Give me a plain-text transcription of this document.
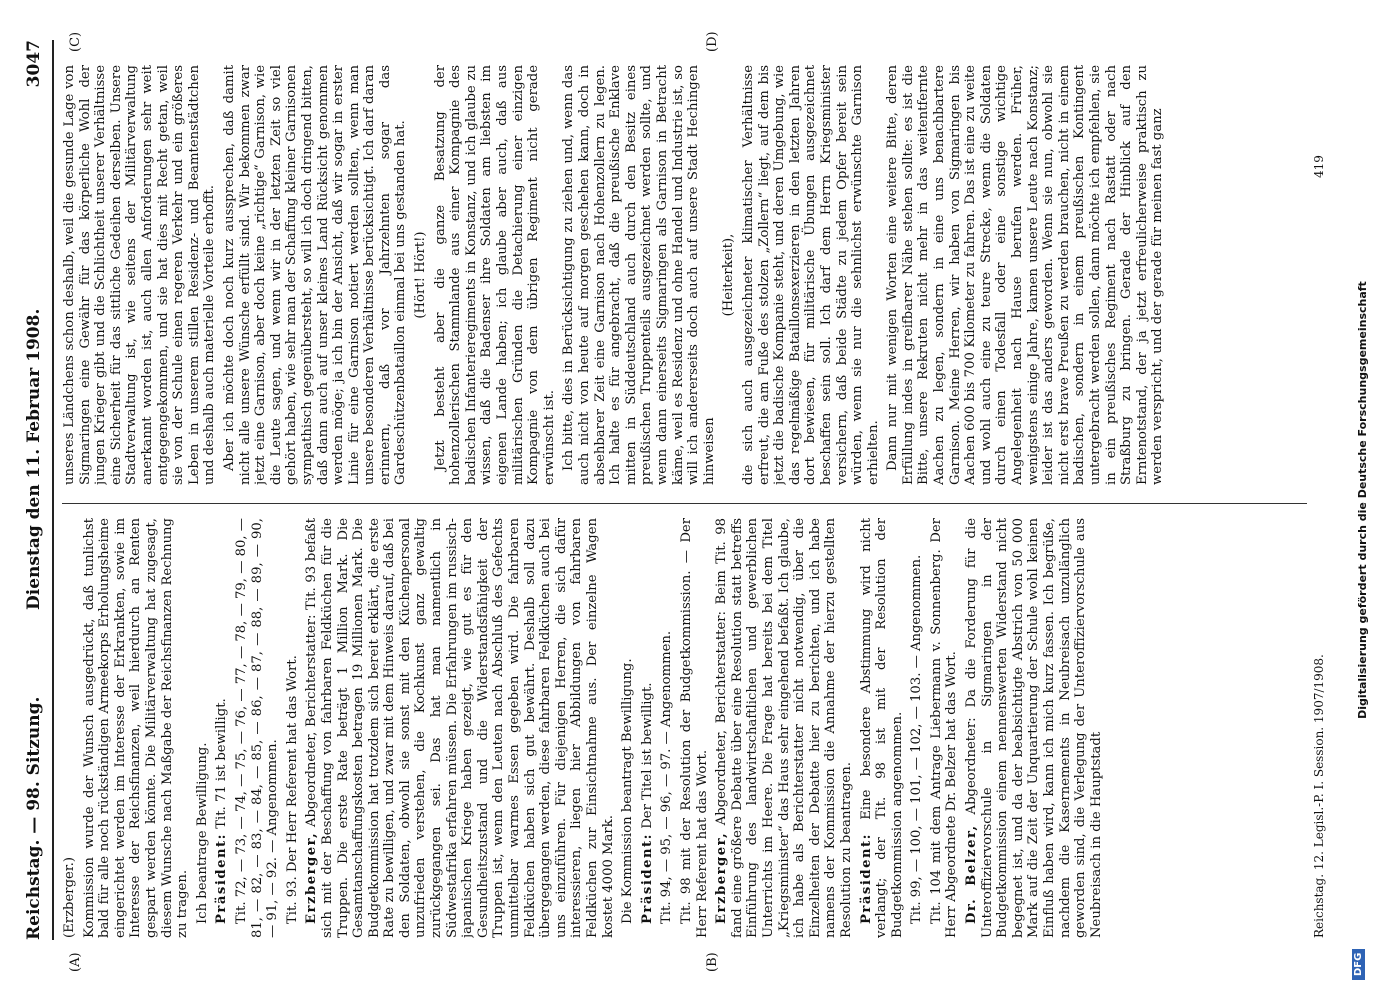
Reichstag. — 98. Sitzung.
Dienstag den 11. Februar 1908.
3047
(A)	(B)
(C)	(D)

(Erzberger.) Kommission wurde der Wunsch ausgedrückt, daß tunlichst bald für alle noch rückständigen Armeekorps Erholungsheime eingerichtet werden im Interesse der Erkrankten, sowie im Interesse der Reichsfinanzen, weil hierdurch an Renten gespart werden könnte. Die Militärverwaltung hat zugesagt, diesem Wunsche nach Maßgabe der Reichsfinanzen Rechnung zu tragen. Ich beantrage Bewilligung. Präsident: Tit. 71 ist bewilligt. Tit. 72, — 73, — 74, — 75, — 76, — 77, — 78, — 79, — 80, — 81, — 82, — 83, — 84, — 85, — 86, — 87, — 88, — 89, — 90, — 91, — 92. — Angenommen. Tit. 93. Der Herr Referent hat das Wort. Erzberger, Abgeordneter, Berichterstatter: Tit. 93 befaßt sich mit der Beschaffung von fahrbaren Feldküchen für die Truppen. Die erste Rate beträgt 1 Million Mark. Die Gesamtanschaffungskosten betragen 19 Millionen Mark. Die Budgetkommission hat trotzdem sich bereit erklärt, die erste Rate zu bewilligen, und zwar mit dem Hinweis darauf, daß bei den Soldaten, obwohl sie sonst mit den Küchenpersonal unzufrieden verstehen, die Kochkunst ganz gewaltig zurückgegangen sei. Das hat man namentlich in Südwestafrika erfahren müssen. Die Erfahrungen im russisch-japanischen Kriege haben gezeigt, wie gut es für den Gesundheitszustand und die Widerstandsfähigkeit der Truppen ist, wenn den Leuten nach Abschluß des Gefechts unmittelbar warmes Essen gegeben wird. Die fahrbaren Feldküchen haben sich gut bewährt. Deshalb soll dazu übergegangen werden, diese fahrbaren Feldküchen auch bei uns einzuführen. Für diejenigen Herren, die sich dafür interessieren, liegen hier Abbildungen von fahrbaren Feldküchen zur Einsichtnahme aus. Der einzelne Wagen kostet 4000 Mark. Die Kommission beantragt Bewilligung. Präsident: Der Titel ist bewilligt. Tit. 94, — 95, — 96, — 97. — Angenommen. Tit. 98 mit der Resolution der Budgetkommission. — Der Herr Referent hat das Wort. Erzberger, Abgeordneter, Berichterstatter: Beim Tit. 98 fand eine größere Debatte über eine Resolution statt betreffs Einführung des landwirtschaftlichen und gewerblichen Unterrichts im Heere. Die Frage hat bereits bei dem Titel „Kriegsminister“ das Haus sehr eingehend befaßt. Ich glaube, ich habe als Berichterstatter nicht notwendig, über die Einzelheiten der Debatte hier zu berichten, und ich habe namens der Kommission die Annahme der hierzu gestellten Resolution zu beantragen. Präsident: Eine besondere Abstimmung wird nicht verlangt; der Tit. 98 ist mit der Resolution der Budgetkommission angenommen. Tit. 99, — 100, — 101, — 102, — 103. — Angenommen. Tit. 104 mit dem Antrage Liebermann v. Sonnenberg. Der Herr Abgeordnete Dr. Belzer hat das Wort. Dr. Belzer, Abgeordneter: Da die Forderung für die Unteroffiziervorschule in Sigmaringen in der Budgetkommission einem nennenswerten Widerstand nicht begegnet ist, und da der beabsichtigte Abstrich von 50 000 Mark auf die Zeit der Unquartierung der Schule wohl keinen Einfluß haben wird, kann ich mich kurz fassen. Ich begrüße, nachdem die Kasernements in Neubreisach unzulänglich geworden sind, die Verlegung der Unteroffiziervorschule aus Neubreisach in die Hauptstadt

unseres Ländchens schon deshalb, weil die gesunde Lage von Sigmaringen eine Gewähr für das körperliche Wohl der jungen Krieger gibt und die Schlichtheit unserer Verhältnisse eine Sicherheit für das sittliche Gedeihen derselben. Unsere Stadtverwaltung ist, wie seitens der Militärverwaltung anerkannt worden ist, auch allen Anforderungen sehr weit entgegengekommen, und sie hat dies mit Recht getan, weil sie von der Schule einen regeren Verkehr und ein größeres Leben in unserem stillen Residenz- und Beamtenstädtchen und deshalb auch materielle Vorteile erhofft. Aber ich möchte doch noch kurz aussprechen, daß damit nicht alle unsere Wünsche erfüllt sind. Wir bekommen zwar jetzt eine Garnison, aber doch keine „richtige“ Garnison, wie die Leute sagen, und wenn wir in der letzten Zeit so viel gehört haben, wie sehr man der Schaffung kleiner Garnisonen sympathisch gegenübersteht, so will ich doch dringend bitten, daß dann auch auf unser kleines Land Rücksicht genommen werden möge; ja ich bin der Ansicht, daß wir sogar in erster Linie für eine Garnison notiert werden sollten, wenn man unsere besonderen Verhältnisse berücksichtigt. Ich darf daran erinnern, daß vor Jahrzehnten sogar das Gardeschützenbataillon einmal bei uns gestanden hat. (Hört! Hört!) Jetzt besteht aber die ganze Besatzung der hohenzollerischen Stammlande aus einer Kompagnie des badischen Infanterieregiments in Konstanz, und ich glaube zu wissen, daß die Badenser ihre Soldaten am liebsten im eigenen Lande haben; ich glaube aber auch, daß aus militärischen Gründen die Detachierung einer einzigen Kompagnie von dem übrigen Regiment nicht gerade erwünscht ist. Ich bitte, dies in Berücksichtigung zu ziehen und, wenn das auch nicht von heute auf morgen geschehen kann, doch in absehbarer Zeit eine Garnison nach Hohenzollern zu legen. Ich halte es für angebracht, daß die preußische Enklave mitten in Süddeutschland auch durch den Besitz eines preußischen Truppenteils ausgezeichnet werden sollte, und wenn dann einerseits Sigmaringen als Garnison in Betracht käme, weil es Residenz und ohne Handel und Industrie ist, so will ich andererseits doch auch auf unsere Stadt Hechingen hinweisen

(Heiterkeit), die sich auch ausgezeichneter klimatischer Verhältnisse erfreut, die am Fuße des stolzen „Zollern“ liegt, auf dem bis jetzt die badische Kompanie steht, und deren Umgebung, wie das regelmäßige Bataillonsexerzieren in den letzten Jahren dort bewiesen, für militärische Übungen ausgezeichnet beschaffen sein soll. Ich darf dem Herrn Kriegsminister versichern, daß beide Städte zu jedem Opfer bereit sein würden, wenn sie nur die sehnlichst erwünschte Garnison erhielten. Dann nur mit wenigen Worten eine weitere Bitte, deren Erfüllung indes in greifbarer Nähe stehen sollte: es ist die Bitte, unsere Rekruten nicht mehr in das weitentfernte Aachen zu legen, sondern in eine uns benachbartere Garnison. Meine Herren, wir haben von Sigmaringen bis Aachen 600 bis 700 Kilometer zu fahren. Das ist eine zu weite und wohl auch eine zu teure Strecke, wenn die Soldaten durch einen Todesfall oder eine sonstige wichtige Angelegenheit nach Hause berufen werden. Früher, wenigstens einige Jahre, kamen unsere Leute nach Konstanz; leider ist das anders geworden. Wenn sie nun, obwohl sie nicht erst brave Preußen zu werden brauchen, nicht in einem badischen, sondern in einem preußischen Kontingent untergebracht werden sollen, dann möchte ich empfehlen, sie in ein preußisches Regiment nach Rastatt oder nach Straßburg zu bringen. Gerade der Hinblick auf den Erntenotstand, der ja jetzt erfreulicherweise praktisch zu werden verspricht, und der gerade für meinen fast ganz

Reichstag. 12. Legisl.-P. I. Session. 1907/1908.
419
Digitalisierung gefördert durch die Deutsche Forschungsgemeinschaft
DFG
